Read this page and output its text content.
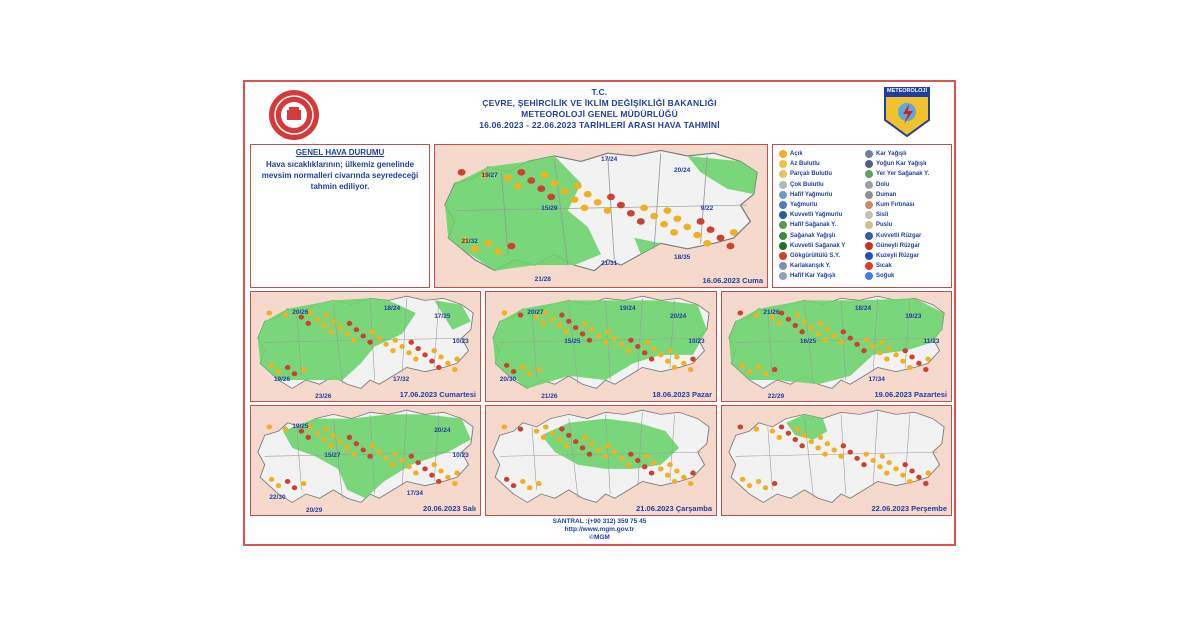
T.C.
ÇEVRE, ŞEHİRCİLİK VE İKLİM DEĞİŞİKLİĞİ BAKANLIĞI
METEOROLOJİ GENEL MÜDÜRLÜĞÜ
16.06.2023 - 22.06.2023 TARİHLERİ ARASI HAVA TAHMİNİ
METEOROLOJİ
GENEL HAVA DURUMU
Hava sıcaklıklarının; ülkemiz genelinde mevsim normalleri civarında seyredeceği tahmin ediliyor.
Açık
Az Bulutlu
Parçalı Bulutlu
Çok Bulutlu
Hafif Yağmurlu
Yağmurlu
Kuvvetli Yağmurlu
Hafif Sağanak Y.
Sağanak Yağışlı
Kuvvetli Sağanak Y
Gökgürültülü S.Y.
Karlakarışık Y.
Hafif Kar Yağışlı
Kar Yağışlı
Yoğun Kar Yağışlı
Yer Yer Sağanak Y.
Dolu
Duman
Kum Fırtınası
Sisli
Puslu
Kuvvetli Rüzgar
Güneyli Rüzgar
Kuzeyli Rüzgar
Sıcak
Soğuk
19/27
17/24
20/24
15/29	9/22
21/32
21/28
21/31
18/35
16.06.2023 Cuma
20/26
18/24
17/25
19/26
10/23
23/26
17/32
17.06.2023 Cumartesi
20/27
19/24
20/24
15/25	10/23
20/30
21/26	18.06.2023 Pazar
21/26
18/24
19/23
16/25	11/23
22/29
17/34
19.06.2023 Pazartesi
19/25
20/24
15/27	10/23
22/30
20/29
17/34
20.06.2023 Salı	21.06.2023 Çarşamba	22.06.2023 Perşembe
SANTRAL :(+90 312) 359 75 45
http://www.mgm.gov.tr
©MGM
